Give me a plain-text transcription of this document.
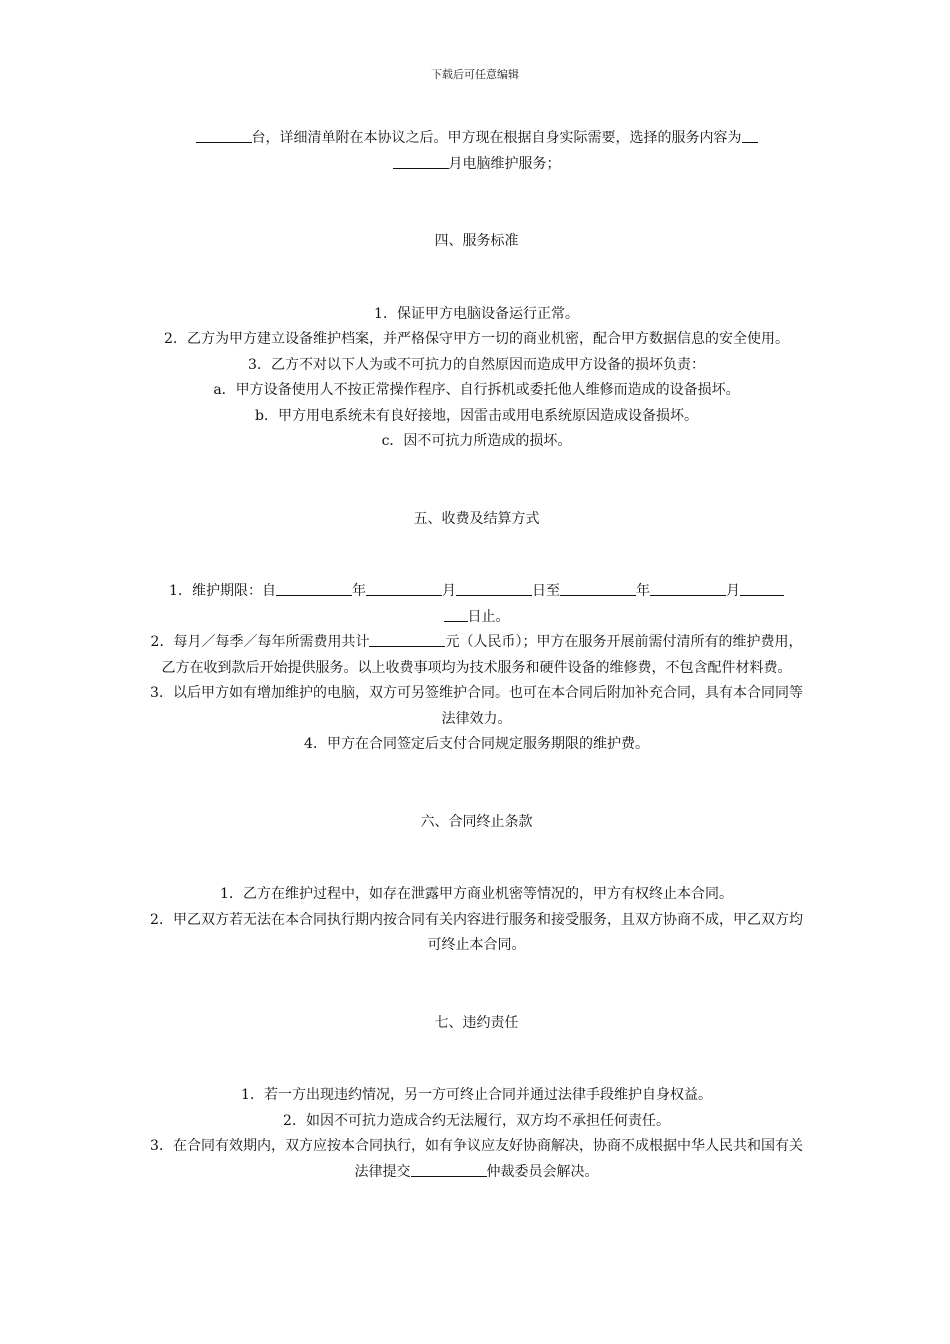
下载后可任意编辑

台，详细清单附在本协议之后。甲方现在根据自身实际需要，选择的服务内容为
月电脑维护服务；

四、服务标准

1．保证甲方电脑设备运行正常。

2．乙方为甲方建立设备维护档案，并严格保守甲方一切的商业机密，配合甲方数据信息的安全使用。

3．乙方不对以下人为或不可抗力的自然原因而造成甲方设备的损坏负责：

a．甲方设备使用人不按正常操作程序、自行拆机或委托他人维修而造成的设备损坏。

b．甲方用电系统未有良好接地，因雷击或用电系统原因造成设备损坏。

c．因不可抗力所造成的损坏。

五、收费及结算方式

1．维护期限：自	年	月	日至	年	月
日止。

2．每月／每季／每年所需费用共计	元（人民币）；甲方在服务开展前需付清所有的维护费用，乙方在收到款后开始提供服务。以上收费事项均为技术服务和硬件设备的维修费，不包含配件材料费。

3．以后甲方如有增加维护的电脑，双方可另签维护合同。也可在本合同后附加补充合同，具有本合同同等法律效力。

4．甲方在合同签定后支付合同规定服务期限的维护费。

六、合同终止条款

1．乙方在维护过程中，如存在泄露甲方商业机密等情况的，甲方有权终止本合同。

2．甲乙双方若无法在本合同执行期内按合同有关内容进行服务和接受服务，且双方协商不成，甲乙双方均可终止本合同。

七、违约责任

1．若一方出现违约情况，另一方可终止合同并通过法律手段维护自身权益。

2．如因不可抗力造成合约无法履行，双方均不承担任何责任。

3．在合同有效期内，双方应按本合同执行，如有争议应友好协商解决，协商不成根据中华人民共和国有关法律提交	仲裁委员会解决。
